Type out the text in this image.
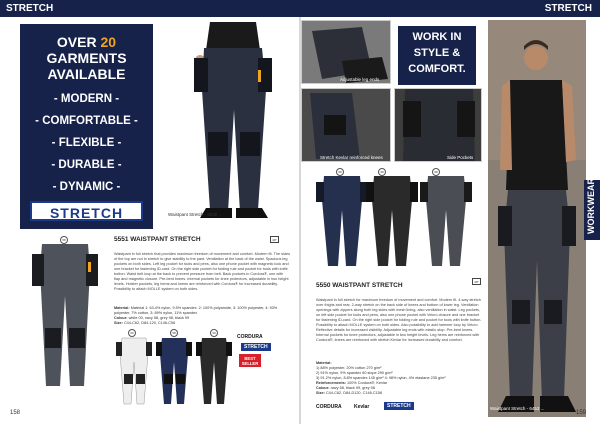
STRETCH	STRETCH
OVER 20
GARMENTS
AVAILABLE
- MODERN -
- COMFORTABLE -
- FLEXIBLE -
- DURABLE -
- DYNAMIC -
STRETCH	Waistpant Stretch - 6030 ...
Adjustable leg ends
WORK IN
STYLE &
COMFORT.
Stretch Kevlar reinforced knees	Side Pockets
Waistpant Stretch - 6453 ...
WORKWEAR
58	99	98
58	5551 WAISTPANT STRETCH	40°
Waistpant in full stretch that provides maximum freedom of movement and comfort. Modern fit. The sides of the top are not in stretch to give stability to the pant. Ventilation at the back of the waist. Spacious leg pockets on both sides. Left leg pocket for tools and pens, also one phone pocket with magnetic lock and one bracket for fastening ID-card. On the right side pocket for folding rule and pocket for tools with knife button. Waist belt loop at the back to prevent pressure from belt. Back pockets in Cordura®, one with flap and magnetic closure. Pre-bent knees. Internal pockets for knee protectors, adjustable in two height levels. Holster pockets, leg hems and knees are reinforced with Cordura® for increased durability. Possibility to attach MOLLE system on both sides.
Material: Material 1: 63.4% nylon, 9.5% spandex. 2: 100% polyamide, 3: 100% polyester, 4: 93% polyester, 7% cotton, 3: 89% nylon, 11% spandex
Colour: white 00, navy 58, grey 98, black 99
Size: C44-C62, D84-120, C146-C56
00	58	99
CORDURA
STRETCH
BEST SELLER
5550 WAISTPANT STRETCH	40°
Waistpant in full stretch for maximum freedom of movement and comfort. Modern fit. 4-way stretch over thighs and rear, 2-way stretch on the back side of knees and bottom of lower leg. Ventilation openings with zippers along both leg sides with mesh lining, also ventilation in waist. Leg pockets, on left side pocket for tools and pens, also one phone pocket with Velcro closure and one bracket for fastening ID-card. On the right side pocket for folding rule and pocket for tools with knife button. Possibility to attach MOLLE system on both sides. Also possibility to add hammer loop by Velcro. Reflective details for increased visibility. Adjustable leg ends with elastic stop. Pre-bent knees. Internal pockets for knee protectors, adjustable in two height levels. Leg hems are reinforced with Cordura®, knees are reinforced with stretch Kevlar for increased durability and comfort.
Material:
1) 88% polyester, 20% cotton 270 g/m²
2) 91% nylon, 9% spandex 60 slope 290 g/m²
3) 91.2% nylon, 8.8% spandex 145 g/m² 4: 98% nylon, 4% elastane 235 g/m²
Reinforcements: 100% Cordura®, Kevlar
Colour: navy 58, black 99, grey 98
Size: C44-C62, D84-D120, C146-C156
CORDURA Kevlar	STRETCH
158	159
